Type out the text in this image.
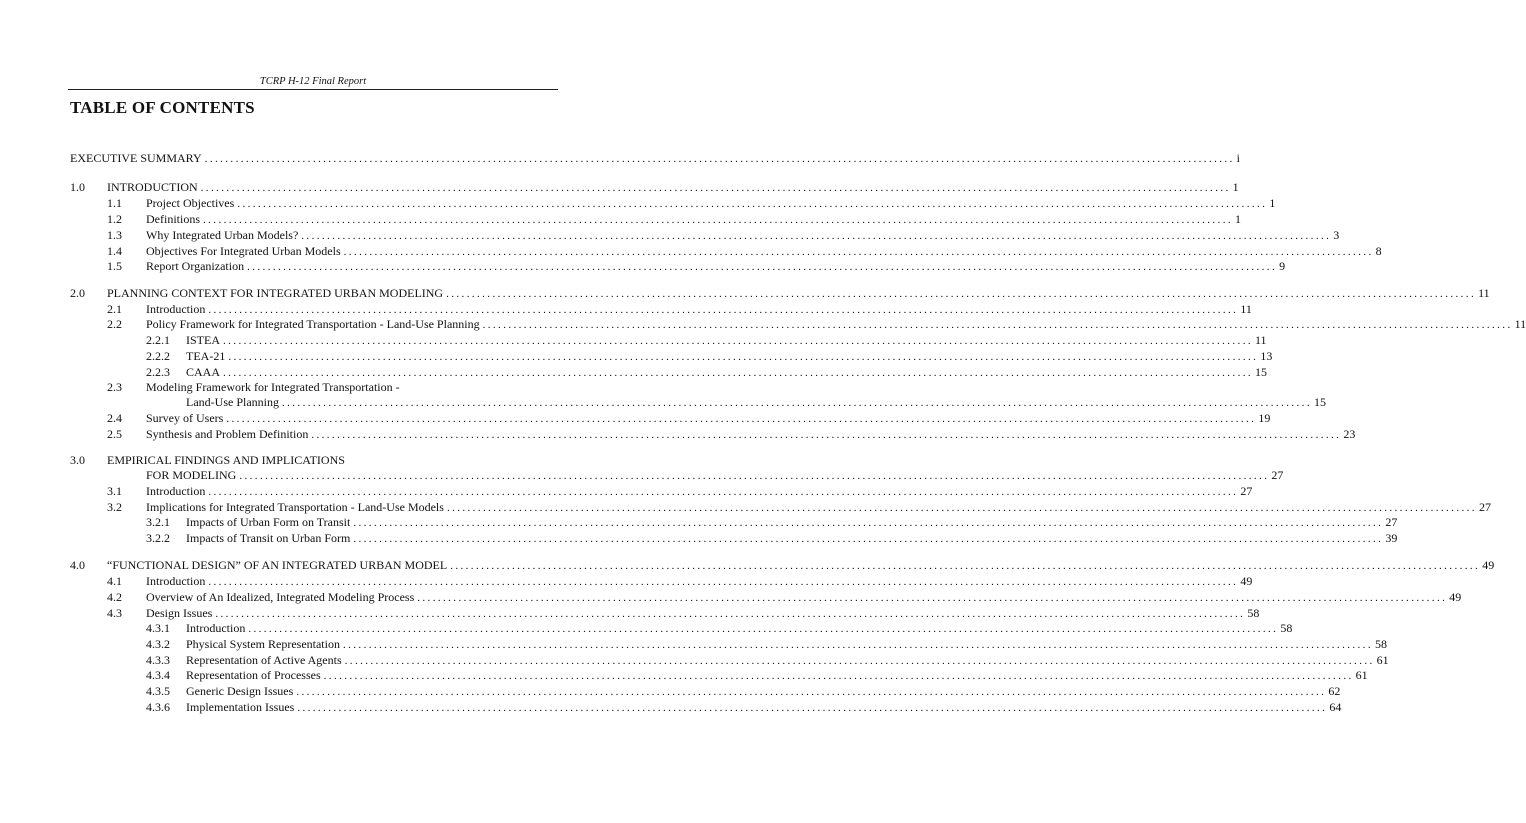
TCRP H-12 Final Report
TABLE OF CONTENTS
EXECUTIVE SUMMARY ........................................................................................................................................................................................................ i
1.0 INTRODUCTION ........................................................................................................................................................................................................ 1
1.1 Project Objectives ........................................................................................................................................................................................................ 1
1.2 Definitions ........................................................................................................................................................................................................ 1
1.3 Why Integrated Urban Models? ........................................................................................................................................................................................................ 3
1.4 Objectives For Integrated Urban Models ........................................................................................................................................................................................................ 8
1.5 Report Organization ........................................................................................................................................................................................................ 9
2.0 PLANNING CONTEXT FOR INTEGRATED URBAN MODELING ........................................................................................................................................................................................................ 11
2.1 Introduction ........................................................................................................................................................................................................ 11
2.2 Policy Framework for Integrated Transportation - Land-Use Planning ........................................................................................................................................................................................................ 11
2.2.1 ISTEA ........................................................................................................................................................................................................ 11
2.2.2 TEA-21 ........................................................................................................................................................................................................ 13
2.2.3 CAAA ........................................................................................................................................................................................................ 15
2.3 Modeling Framework for Integrated Transportation -
Land-Use Planning ........................................................................................................................................................................................................ 15
2.4 Survey of Users ........................................................................................................................................................................................................ 19
2.5 Synthesis and Problem Definition ........................................................................................................................................................................................................ 23
3.0 EMPIRICAL FINDINGS AND IMPLICATIONS
FOR MODELING ........................................................................................................................................................................................................ 27
3.1 Introduction ........................................................................................................................................................................................................ 27
3.2 Implications for Integrated Transportation - Land-Use Models ........................................................................................................................................................................................................ 27
3.2.1 Impacts of Urban Form on Transit ........................................................................................................................................................................................................ 27
3.2.2 Impacts of Transit on Urban Form ........................................................................................................................................................................................................ 39
4.0 “FUNCTIONAL DESIGN” OF AN INTEGRATED URBAN MODEL ........................................................................................................................................................................................................ 49
4.1 Introduction ........................................................................................................................................................................................................ 49
4.2 Overview of An Idealized, Integrated Modeling Process ........................................................................................................................................................................................................ 49
4.3 Design Issues ........................................................................................................................................................................................................ 58
4.3.1 Introduction ........................................................................................................................................................................................................ 58
4.3.2 Physical System Representation ........................................................................................................................................................................................................ 58
4.3.3 Representation of Active Agents ........................................................................................................................................................................................................ 61
4.3.4 Representation of Processes ........................................................................................................................................................................................................ 61
4.3.5 Generic Design Issues ........................................................................................................................................................................................................ 62
4.3.6 Implementation Issues ........................................................................................................................................................................................................ 64
